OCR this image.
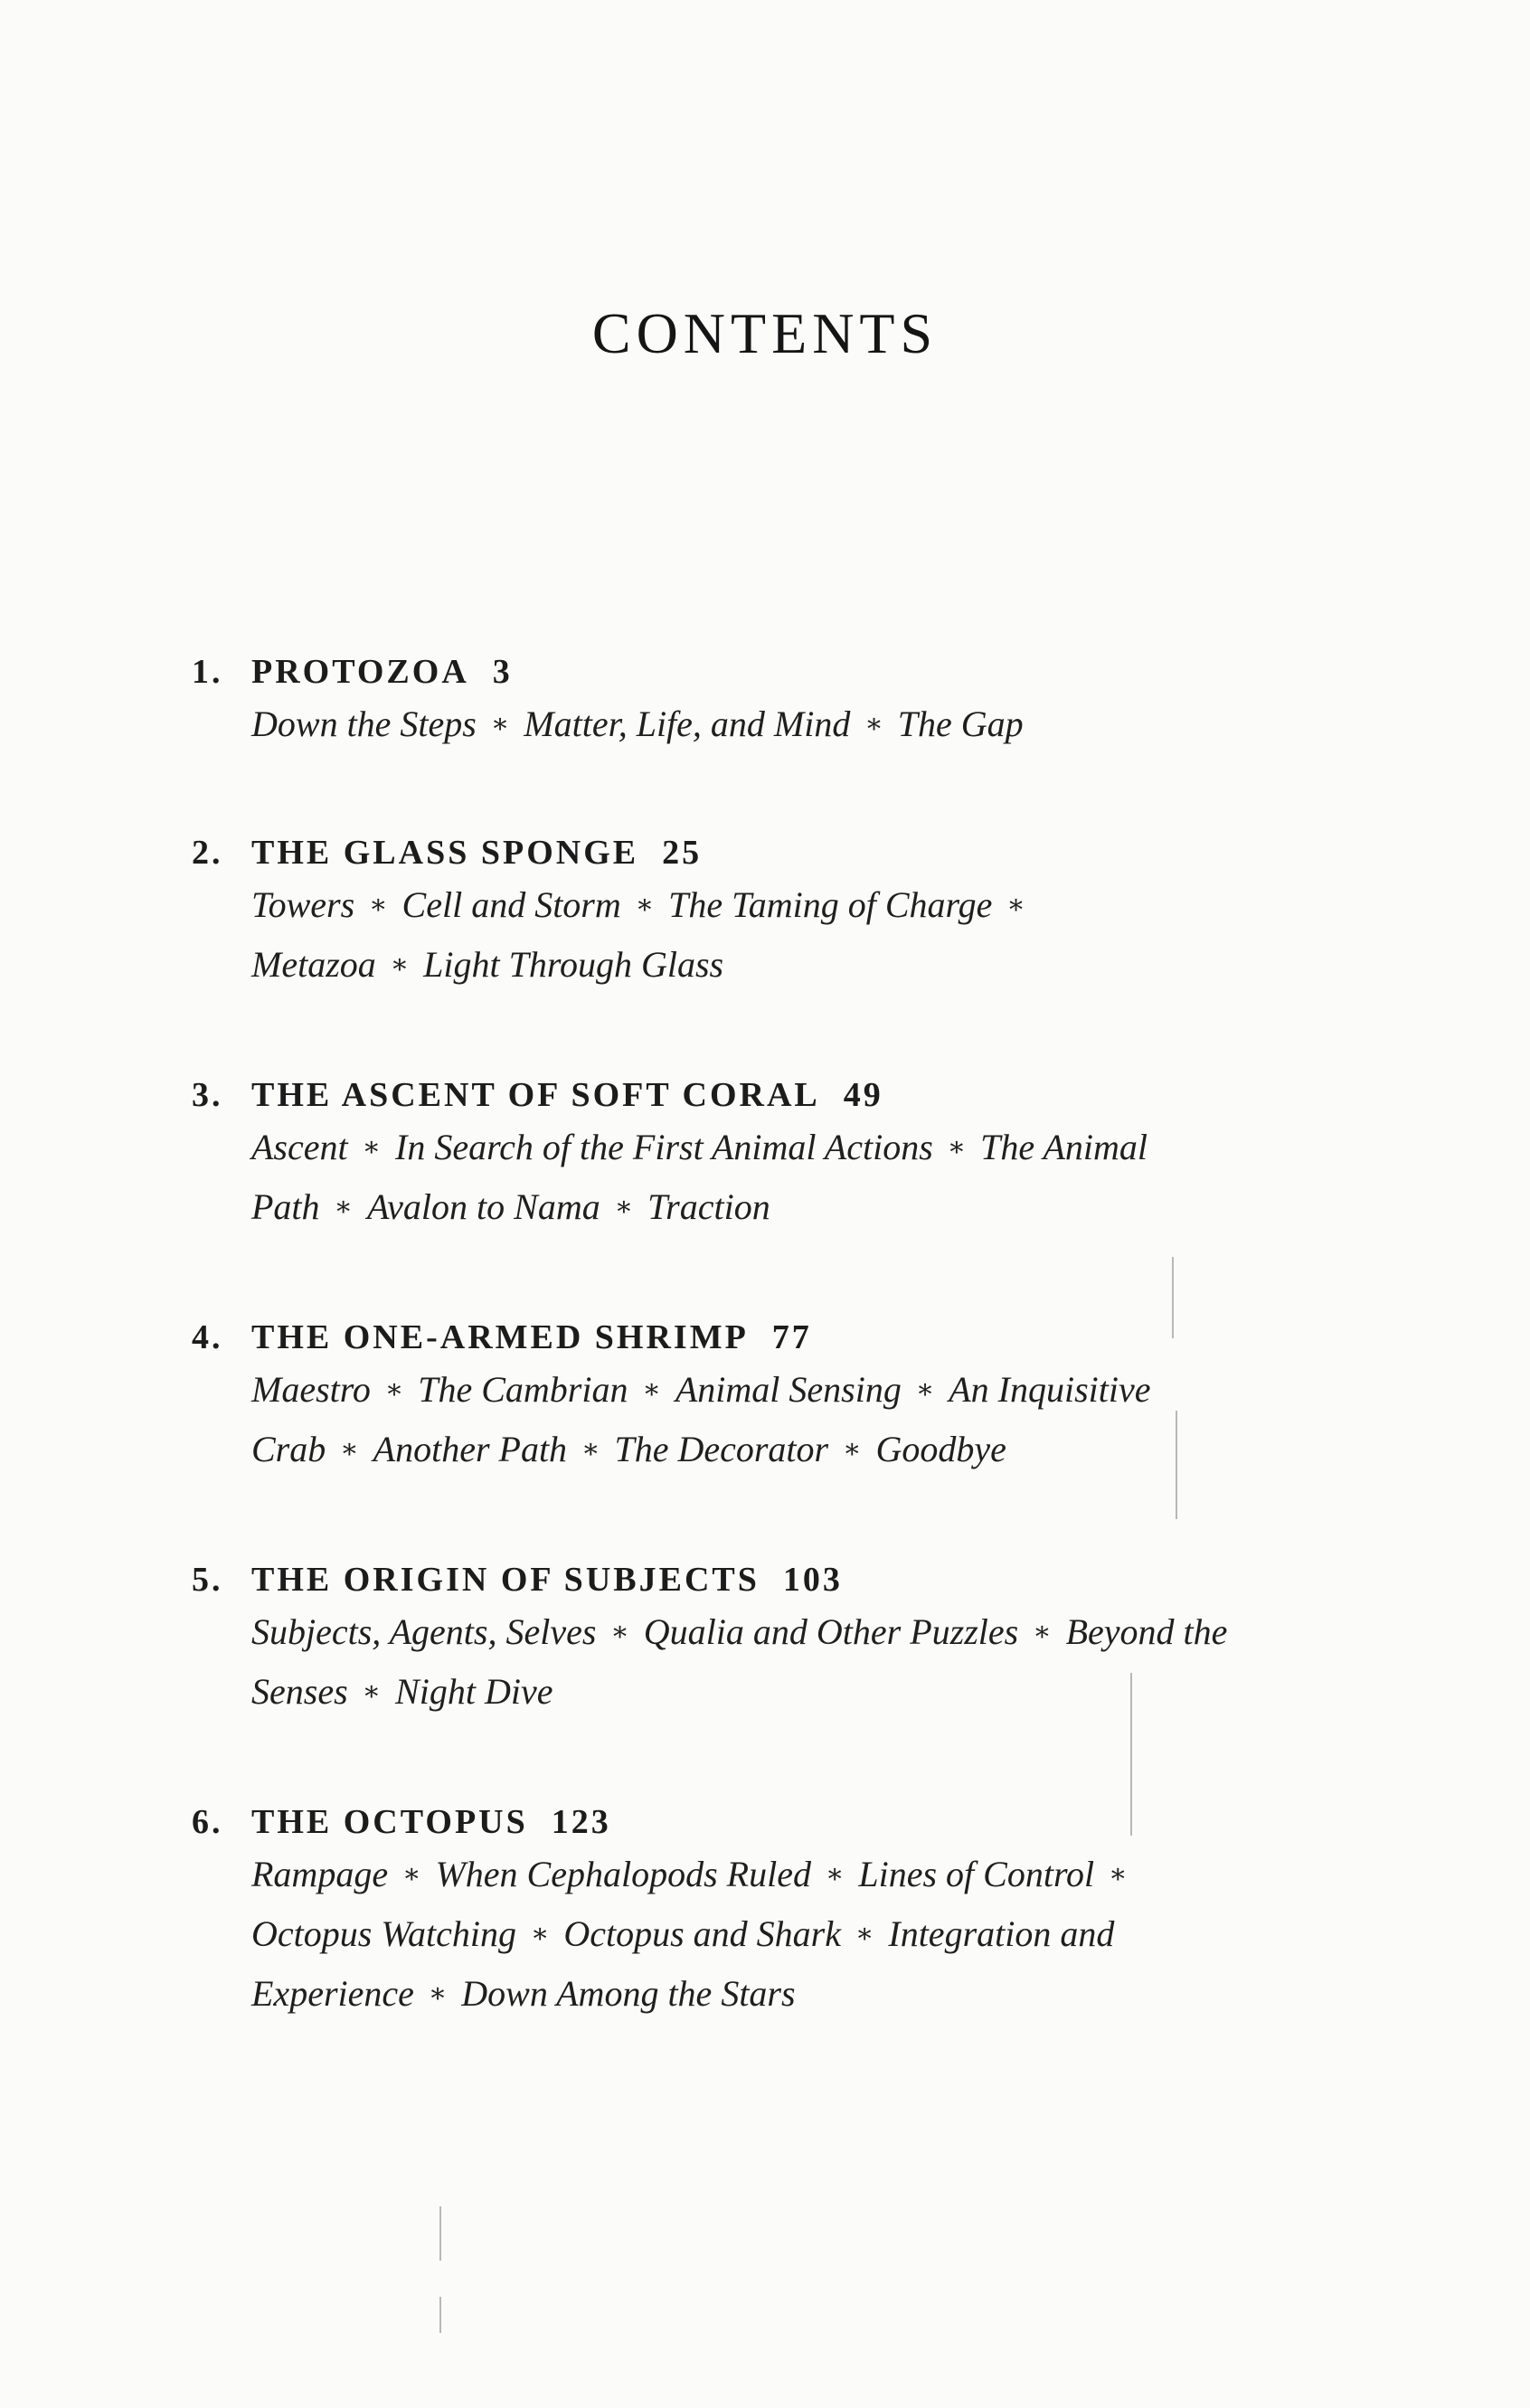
CONTENTS
1. PROTOZOA 3
Down the Steps ∗ Matter, Life, and Mind ∗ The Gap
2. THE GLASS SPONGE 25
Towers ∗ Cell and Storm ∗ The Taming of Charge ∗
Metazoa ∗ Light Through Glass
3. THE ASCENT OF SOFT CORAL 49
Ascent ∗ In Search of the First Animal Actions ∗ The Animal
Path ∗ Avalon to Nama ∗ Traction
4. THE ONE-ARMED SHRIMP 77
Maestro ∗ The Cambrian ∗ Animal Sensing ∗ An Inquisitive
Crab ∗ Another Path ∗ The Decorator ∗ Goodbye
5. THE ORIGIN OF SUBJECTS 103
Subjects, Agents, Selves ∗ Qualia and Other Puzzles ∗ Beyond the
Senses ∗ Night Dive
6. THE OCTOPUS 123
Rampage ∗ When Cephalopods Ruled ∗ Lines of Control ∗
Octopus Watching ∗ Octopus and Shark ∗ Integration and
Experience ∗ Down Among the Stars
